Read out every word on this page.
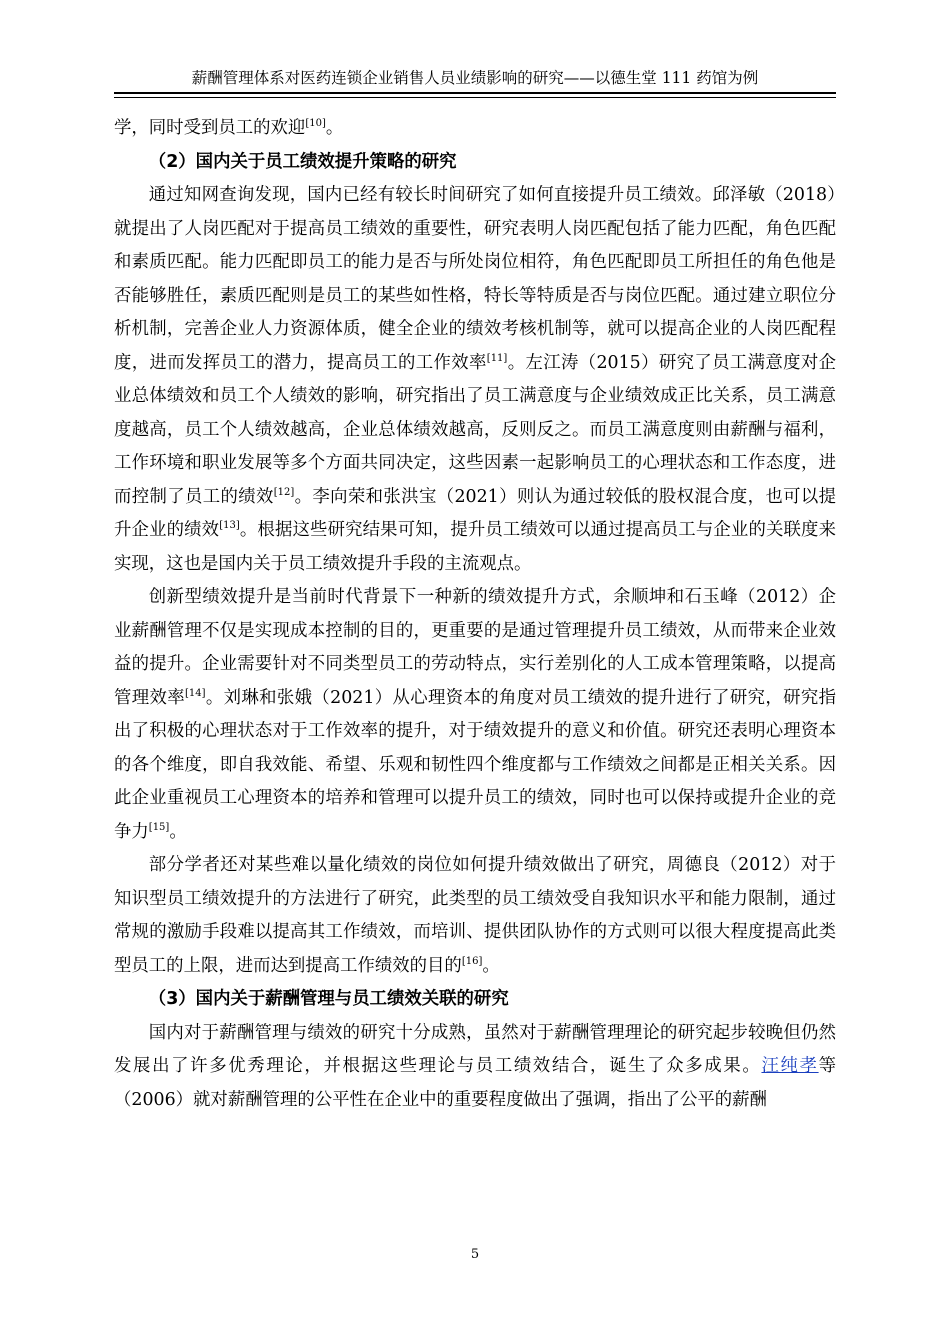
薪酬管理体系对医药连锁企业销售人员业绩影响的研究——以德生堂 111 药馆为例

学，同时受到员工的欢迎[10]。

（2）国内关于员工绩效提升策略的研究

通过知网查询发现，国内已经有较长时间研究了如何直接提升员工绩效。邱泽敏（2018）就提出了人岗匹配对于提高员工绩效的重要性，研究表明人岗匹配包括了能力匹配，角色匹配和素质匹配。能力匹配即员工的能力是否与所处岗位相符，角色匹配即员工所担任的角色他是否能够胜任，素质匹配则是员工的某些如性格，特长等特质是否与岗位匹配。通过建立职位分析机制，完善企业人力资源体质，健全企业的绩效考核机制等，就可以提高企业的人岗匹配程度，进而发挥员工的潜力，提高员工的工作效率[11]。左江涛（2015）研究了员工满意度对企业总体绩效和员工个人绩效的影响，研究指出了员工满意度与企业绩效成正比关系，员工满意度越高，员工个人绩效越高，企业总体绩效越高，反则反之。而员工满意度则由薪酬与福利，工作环境和职业发展等多个方面共同决定，这些因素一起影响员工的心理状态和工作态度，进而控制了员工的绩效[12]。李向荣和张洪宝（2021）则认为通过较低的股权混合度，也可以提升企业的绩效[13]。根据这些研究结果可知，提升员工绩效可以通过提高员工与企业的关联度来实现，这也是国内关于员工绩效提升手段的主流观点。

创新型绩效提升是当前时代背景下一种新的绩效提升方式，余顺坤和石玉峰（2012）企业薪酬管理不仅是实现成本控制的目的，更重要的是通过管理提升员工绩效，从而带来企业效益的提升。企业需要针对不同类型员工的劳动特点，实行差别化的人工成本管理策略，以提高管理效率[14]。刘琳和张娥（2021）从心理资本的角度对员工绩效的提升进行了研究，研究指出了积极的心理状态对于工作效率的提升，对于绩效提升的意义和价值。研究还表明心理资本的各个维度，即自我效能、希望、乐观和韧性四个维度都与工作绩效之间都是正相关关系。因此企业重视员工心理资本的培养和管理可以提升员工的绩效，同时也可以保持或提升企业的竞争力[15]。

部分学者还对某些难以量化绩效的岗位如何提升绩效做出了研究，周德良（2012）对于知识型员工绩效提升的方法进行了研究，此类型的员工绩效受自我知识水平和能力限制，通过常规的激励手段难以提高其工作绩效，而培训、提供团队协作的方式则可以很大程度提高此类型员工的上限，进而达到提高工作绩效的目的[16]。

（3）国内关于薪酬管理与员工绩效关联的研究

国内对于薪酬管理与绩效的研究十分成熟，虽然对于薪酬管理理论的研究起步较晚但仍然发展出了许多优秀理论，并根据这些理论与员工绩效结合，诞生了众多成果。汪纯孝等（2006）就对薪酬管理的公平性在企业中的重要程度做出了强调，指出了公平的薪酬

5
